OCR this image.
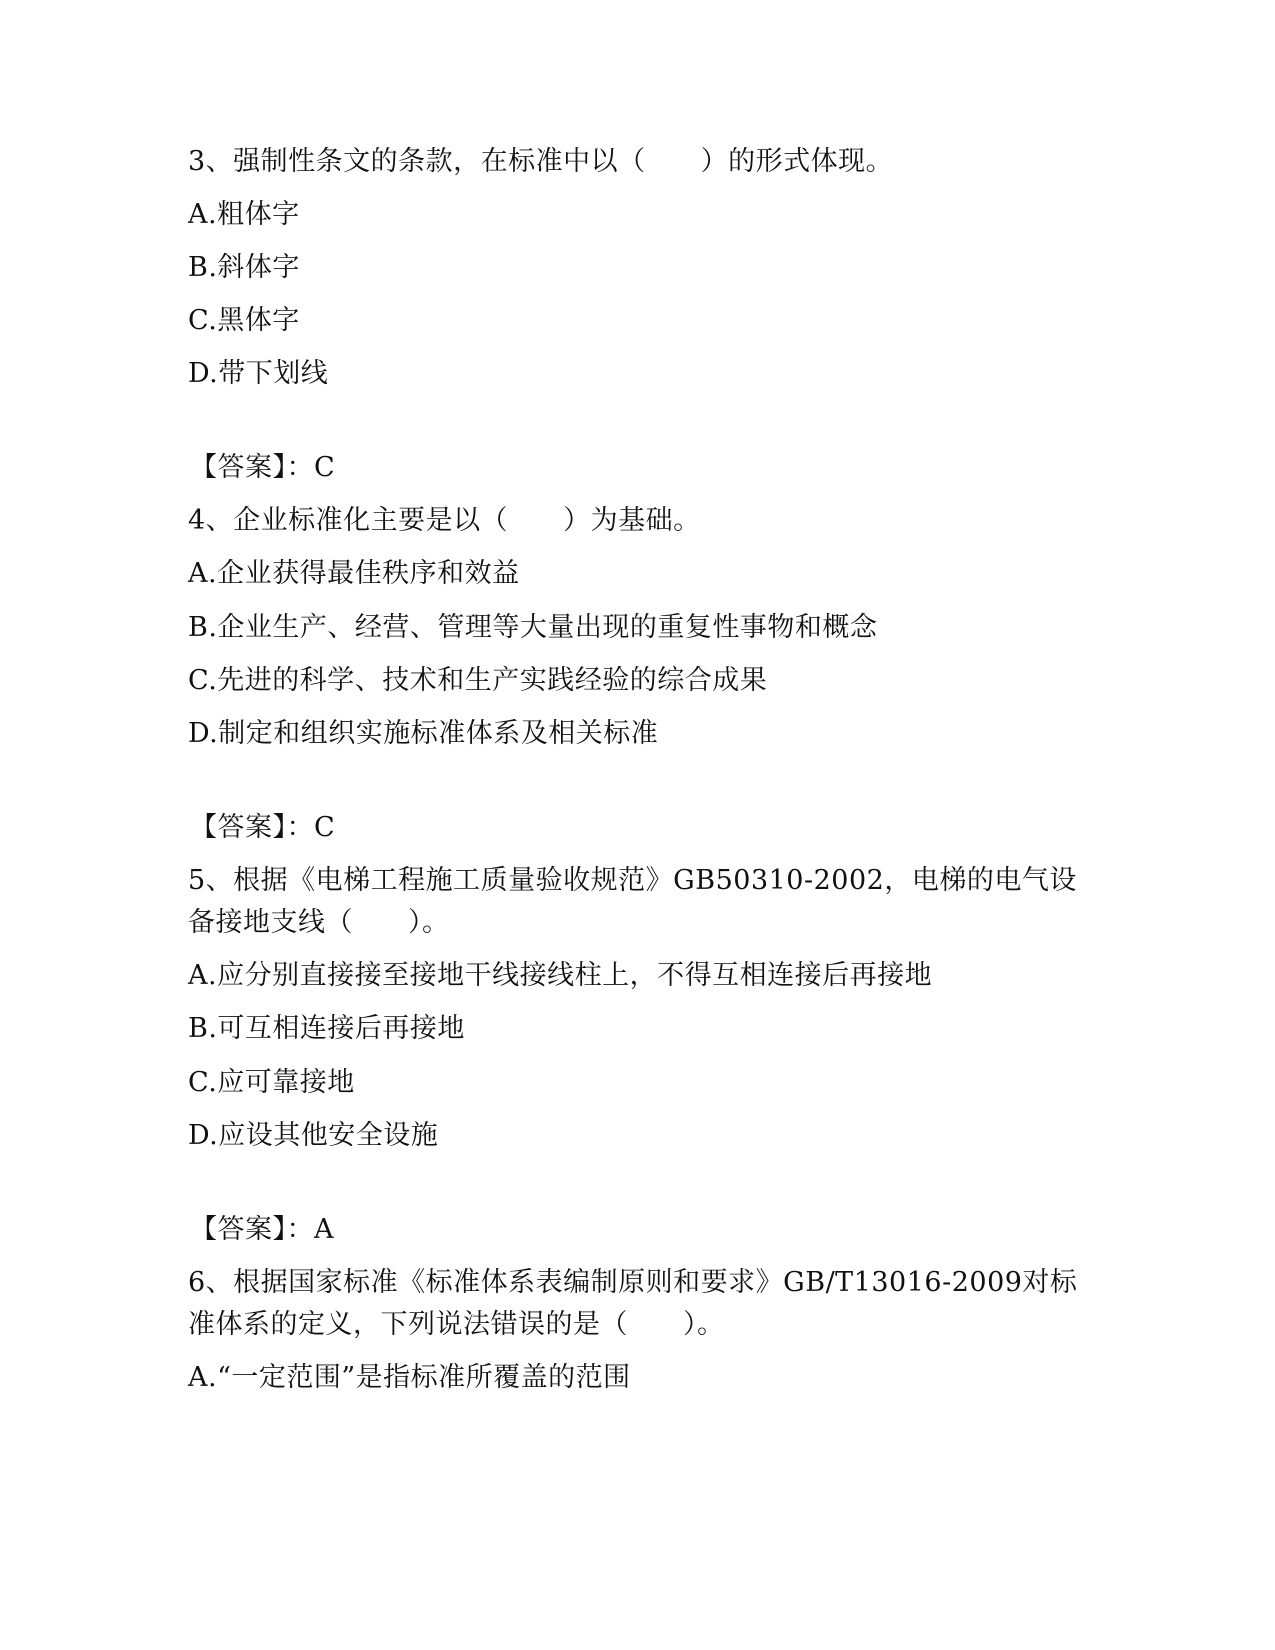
3、强制性条文的条款，在标准中以（　　）的形式体现。
A.粗体字
B.斜体字
C.黑体字
D.带下划线
【答案】：C
4、企业标准化主要是以（　　）为基础。
A.企业获得最佳秩序和效益
B.企业生产、经营、管理等大量出现的重复性事物和概念
C.先进的科学、技术和生产实践经验的综合成果
D.制定和组织实施标准体系及相关标准
【答案】：C
5、根据《电梯工程施工质量验收规范》GB50310-2002，电梯的电气设
备接地支线（　　）。
A.应分别直接接至接地干线接线柱上，不得互相连接后再接地
B.可互相连接后再接地
C.应可靠接地
D.应设其他安全设施
【答案】：A
6、根据国家标准《标准体系表编制原则和要求》GB/T13016-2009对标
准体系的定义，下列说法错误的是（　　）。
A.“一定范围”是指标准所覆盖的范围
